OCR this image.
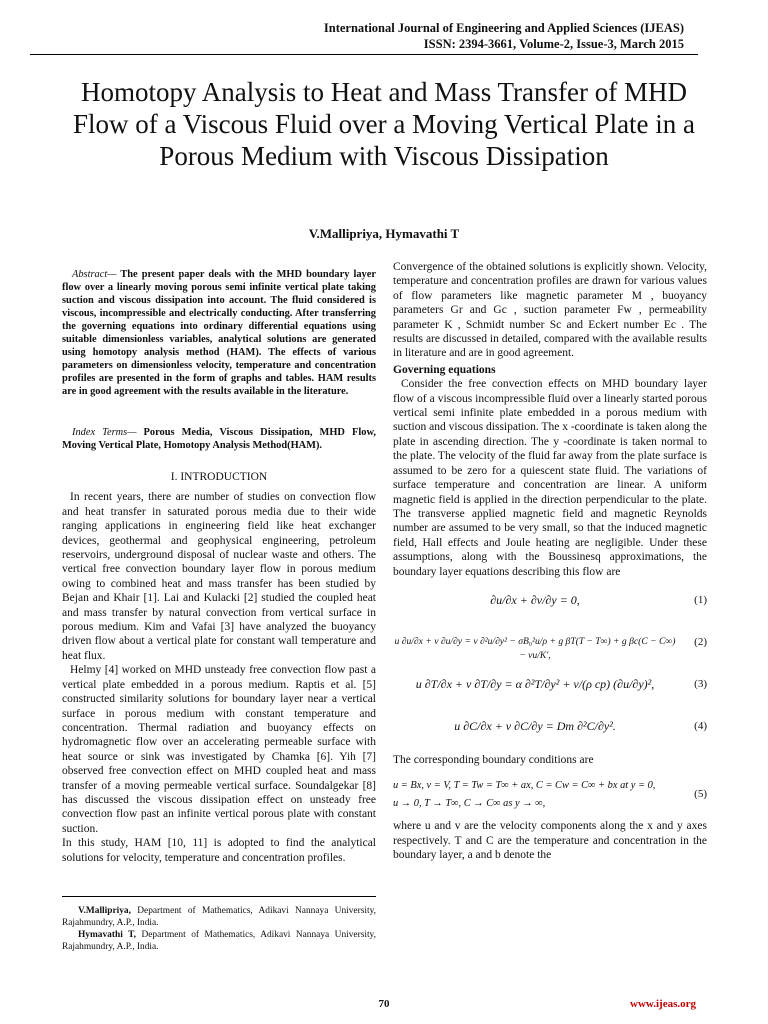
International Journal of Engineering and Applied Sciences (IJEAS)
ISSN: 2394-3661, Volume-2, Issue-3, March 2015
Homotopy Analysis to Heat and Mass Transfer of MHD Flow of a Viscous Fluid over a Moving Vertical Plate in a Porous Medium with Viscous Dissipation
V.Mallipriya, Hymavathi T

Abstract— The present paper deals with the MHD boundary layer flow over a linearly moving porous semi infinite vertical plate taking suction and viscous dissipation into account. The fluid considered is viscous, incompressible and electrically conducting. After transferring the governing equations into ordinary differential equations using suitable dimensionless variables, analytical solutions are generated using homotopy analysis method (HAM). The effects of various parameters on dimensionless velocity, temperature and concentration profiles are presented in the form of graphs and tables. HAM results are in good agreement with the results available in the literature.

Index Terms— Porous Media, Viscous Dissipation, MHD Flow, Moving Vertical Plate, Homotopy Analysis Method(HAM).

I. INTRODUCTION

In recent years, there are number of studies on convection flow and heat transfer in saturated porous media due to their wide ranging applications in engineering field like heat exchanger devices, geothermal and geophysical engineering, petroleum reservoirs, underground disposal of nuclear waste and others. The vertical free convection boundary layer flow in porous medium owing to combined heat and mass transfer has been studied by Bejan and Khair [1]. Lai and Kulacki [2] studied the coupled heat and mass transfer by natural convection from vertical surface in porous medium. Kim and Vafai [3] have analyzed the buoyancy driven flow about a vertical plate for constant wall temperature and heat flux.

Helmy [4] worked on MHD unsteady free convection flow past a vertical plate embedded in a porous medium. Raptis et al. [5] constructed similarity solutions for boundary layer near a vertical surface in porous medium with constant temperature and concentration. Thermal radiation and buoyancy effects on hydromagnetic flow over an accelerating permeable surface with heat source or sink was investigated by Chamka [6]. Yih [7] observed free convection effect on MHD coupled heat and mass transfer of a moving permeable vertical surface. Soundalgekar [8] has discussed the viscous dissipation effect on unsteady free convection flow past an infinite vertical porous plate with constant suction.

In this study, HAM [10, 11] is adopted to find the analytical solutions for velocity, temperature and concentration profiles.

V.Mallipriya, Department of Mathematics, Adikavi Nannaya University, Rajahmundry, A.P., India.

Hymavathi T, Department of Mathematics, Adikavi Nannaya University, Rajahmundry, A.P., India.

Convergence of the obtained solutions is explicitly shown. Velocity, temperature and concentration profiles are drawn for various values of flow parameters like magnetic parameter M , buoyancy parameters Gr and Gc , suction parameter Fw , permeability parameter K , Schmidt number Sc and Eckert number Ec . The results are discussed in detailed, compared with the available results in literature and are in good agreement.

Governing equations

Consider the free convection effects on MHD boundary layer flow of a viscous incompressible fluid over a linearly started porous vertical semi infinite plate embedded in a porous medium with suction and viscous dissipation. The x -coordinate is taken along the plate in ascending direction. The y -coordinate is taken normal to the plate. The velocity of the fluid far away from the plate surface is assumed to be zero for a quiescent state fluid. The variations of surface temperature and concentration are linear. A uniform magnetic field is applied in the direction perpendicular to the plate. The transverse applied magnetic field and magnetic Reynolds number are assumed to be very small, so that the induced magnetic field, Hall effects and Joule heating are negligible. Under these assumptions, along with the Boussinesq approximations, the boundary layer equations describing this flow are

∂u/∂x + ∂v/∂y = 0,	(1)
u ∂u/∂x + v ∂u/∂y = ν ∂²u/∂y² − σB₀²u/ρ + g βT(T − T∞) + g βc(C − C∞) − νu/K',
(2)
u ∂T/∂x + v ∂T/∂y = α ∂²T/∂y² + ν/(ρ cp) (∂u/∂y)²,	(3)
u ∂C/∂x + v ∂C/∂y = Dm ∂²C/∂y².	(4)

The corresponding boundary conditions are

u = Bx, v = V, T = Tw = T∞ + ax, C = Cw = C∞ + bx at y = 0,
u → 0, T → T∞, C → C∞ as y → ∞,
(5)

where u and v are the velocity components along the x and y axes respectively. T and C are the temperature and concentration in the boundary layer, a and b denote the

70	www.ijeas.org
